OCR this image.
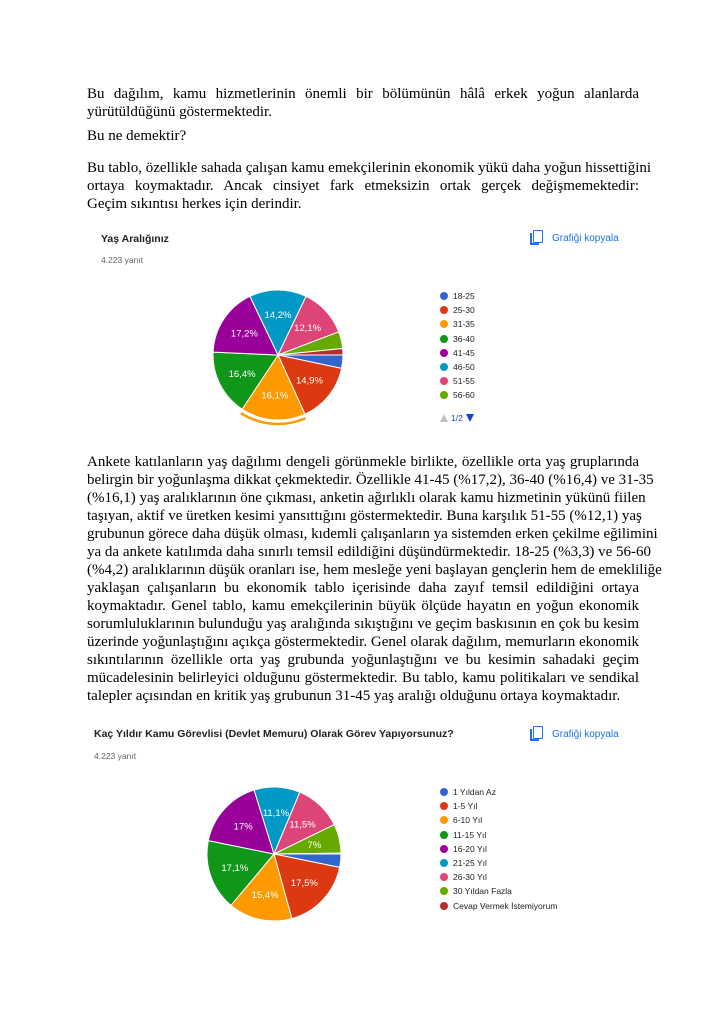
Bu dağılım, kamu hizmetlerinin önemli bir bölümünün hâlâ erkek yoğun alanlarda
yürütüldüğünü göstermektedir.
Bu ne demektir?
Bu tablo, özellikle sahada çalışan kamu emekçilerinin ekonomik yükü daha yoğun hissettiğini
ortaya koymaktadır. Ancak cinsiyet fark etmeksizin ortak gerçek değişmemektedir:
Geçim sıkıntısı herkes için derindir.
Yaş Aralığınız
4.223 yanıt
Grafiği kopyala
14,9%
16,1%
16,4%
17,2%
14,2%
12,1%
18-25
25-30
31-35
36-40
41-45
46-50
51-55
56-60
1/2
Ankete katılanların yaş dağılımı dengeli görünmekle birlikte, özellikle orta yaş gruplarında
belirgin bir yoğunlaşma dikkat çekmektedir. Özellikle 41-45 (%17,2), 36-40 (%16,4) ve 31-35
(%16,1) yaş aralıklarının öne çıkması, anketin ağırlıklı olarak kamu hizmetinin yükünü fiilen
taşıyan, aktif ve üretken kesimi yansıttığını göstermektedir. Buna karşılık 51-55 (%12,1) yaş
grubunun görece daha düşük olması, kıdemli çalışanların ya sistemden erken çekilme eğilimini
ya da ankete katılımda daha sınırlı temsil edildiğini düşündürmektedir. 18-25 (%3,3) ve 56-60
(%4,2) aralıklarının düşük oranları ise, hem mesleğe yeni başlayan gençlerin hem de emekliliğe
yaklaşan çalışanların bu ekonomik tablo içerisinde daha zayıf temsil edildiğini ortaya
koymaktadır. Genel tablo, kamu emekçilerinin büyük ölçüde hayatın en yoğun ekonomik
sorumluluklarının bulunduğu yaş aralığında sıkıştığını ve geçim baskısının en çok bu kesim
üzerinde yoğunlaştığını açıkça göstermektedir. Genel olarak dağılım, memurların ekonomik
sıkıntılarının özellikle orta yaş grubunda yoğunlaştığını ve bu kesimin sahadaki geçim
mücadelesinin belirleyici olduğunu göstermektedir. Bu tablo, kamu politikaları ve sendikal
talepler açısından en kritik yaş grubunun 31-45 yaş aralığı olduğunu ortaya koymaktadır.
Kaç Yıldır Kamu Görevlisi (Devlet Memuru) Olarak Görev Yapıyorsunuz?
4.223 yanıt
Grafiği kopyala
17,5%
15,4%
17,1%
17%
11,1%
11,5%
7%
1 Yıldan Az
1-5 Yıl
6-10 Yıl
11-15 Yıl
16-20 Yıl
21-25 Yıl
26-30 Yıl
30 Yıldan Fazla
Cevap Vermek İstemiyorum
